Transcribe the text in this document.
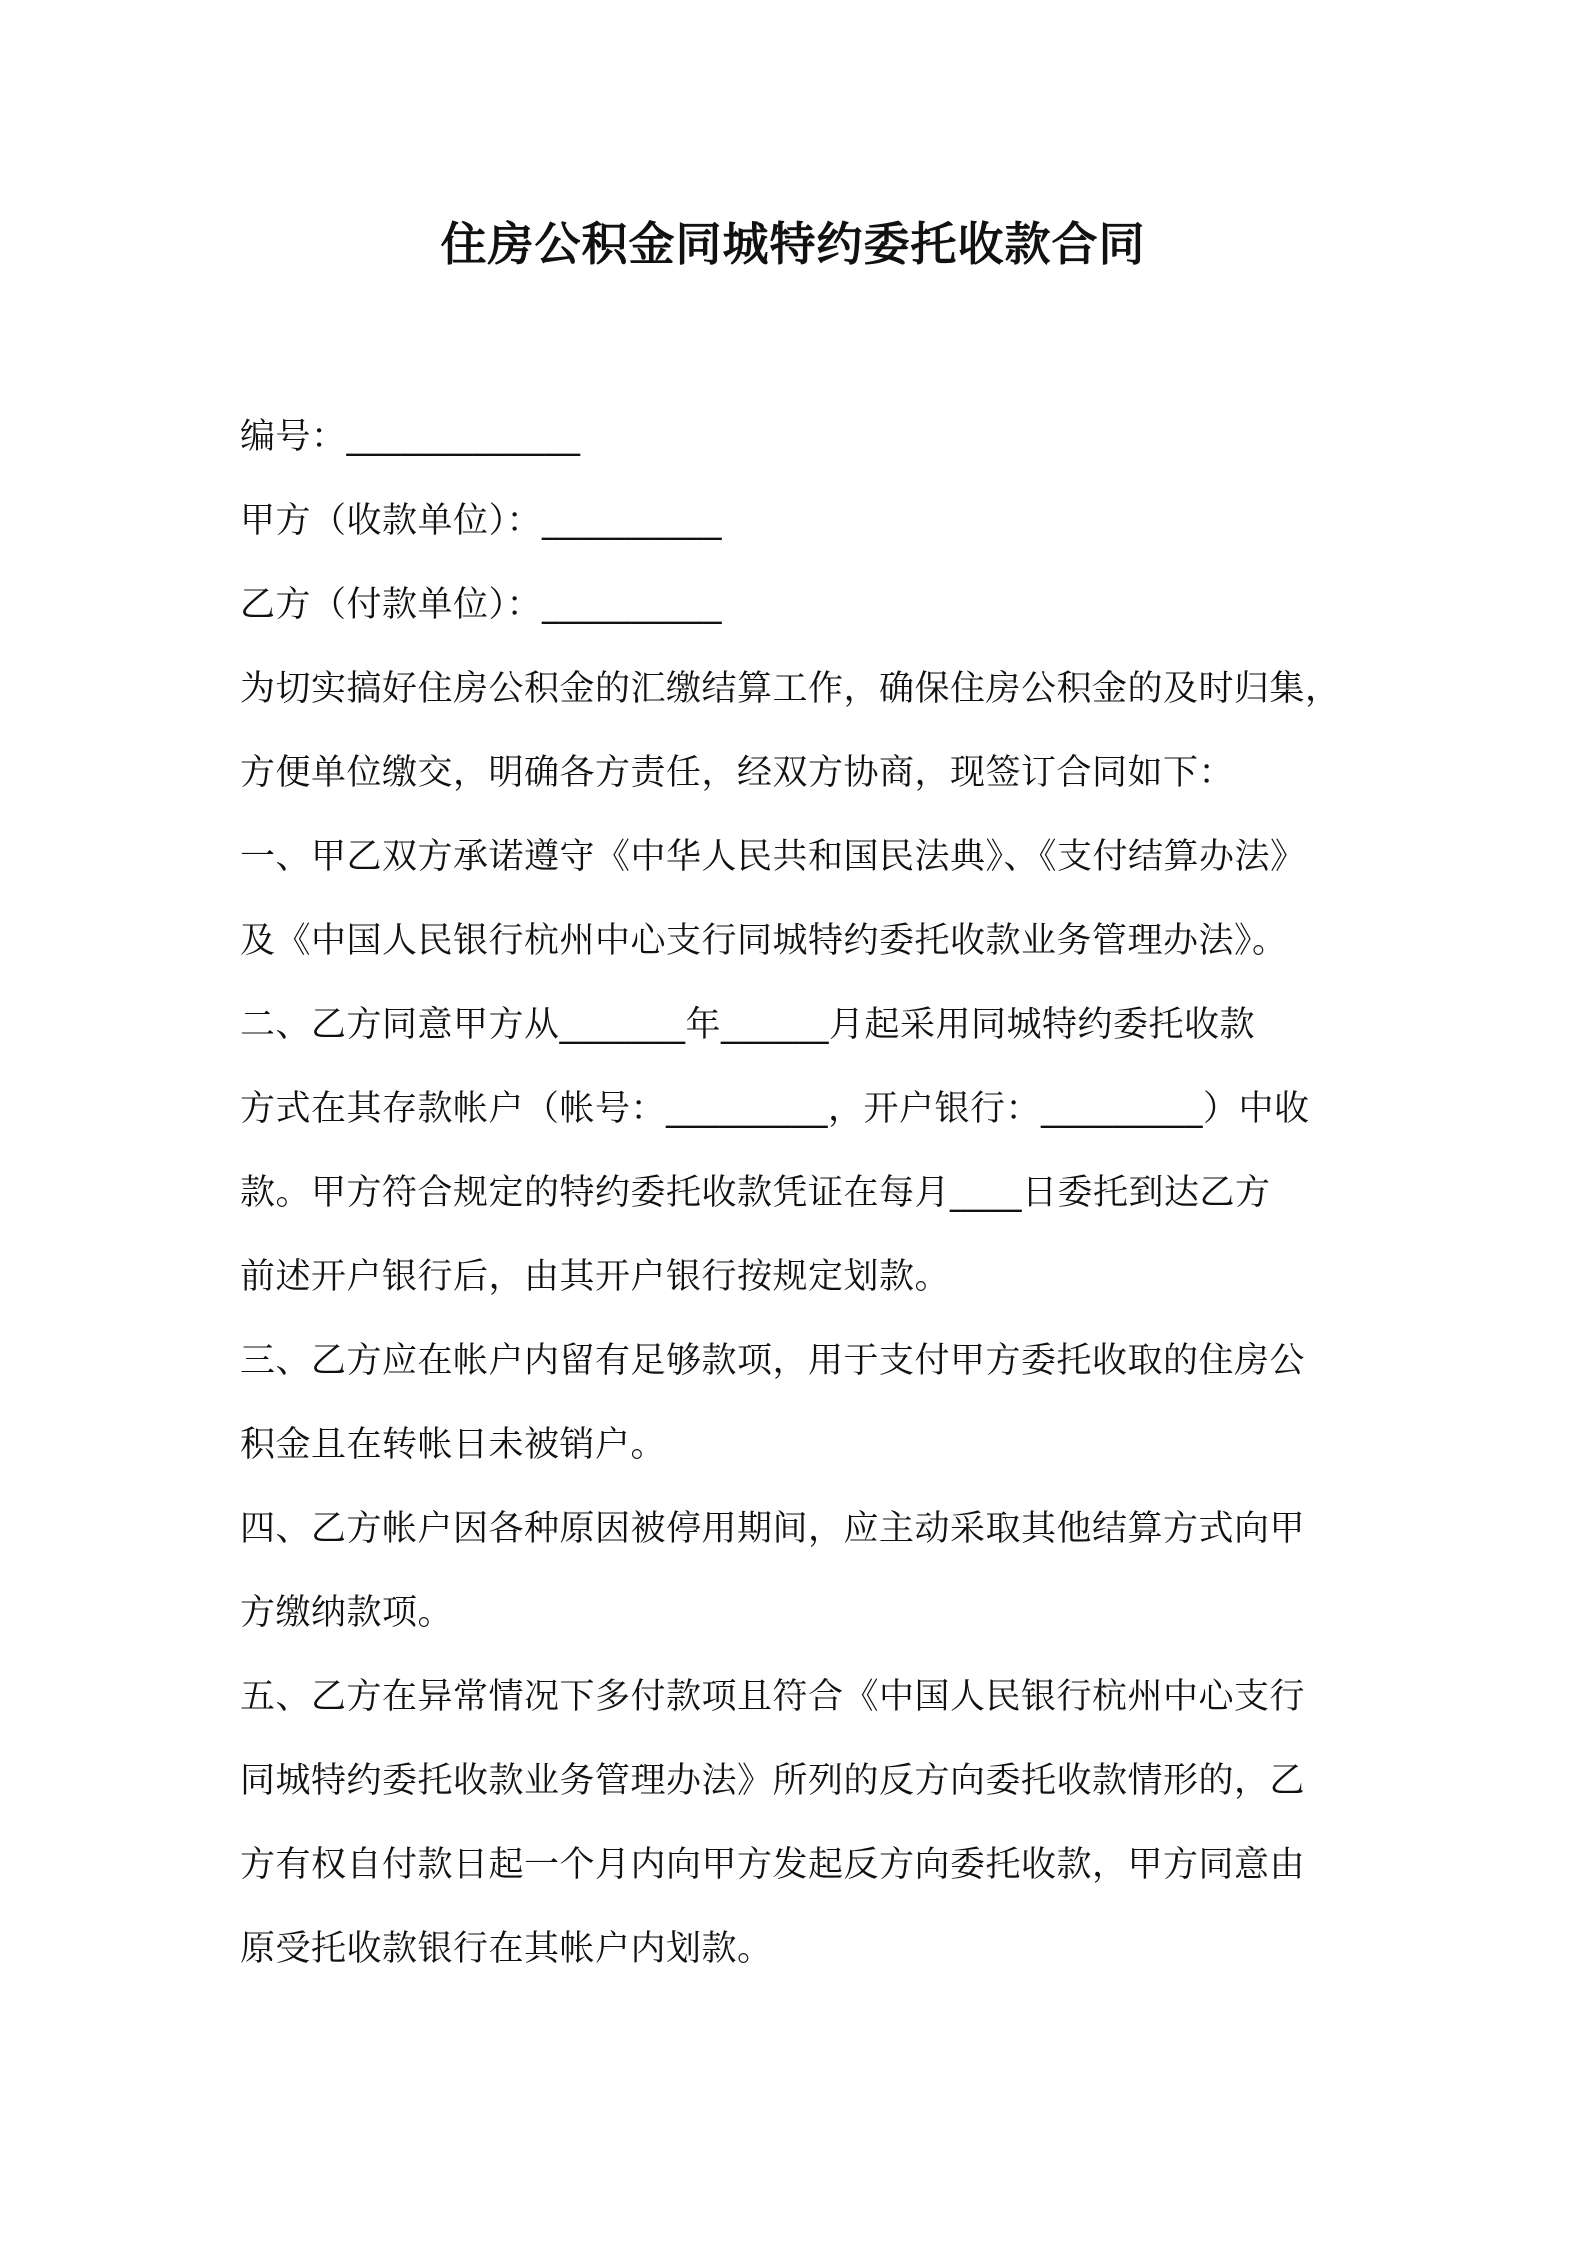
住房公积金同城特约委托收款合同
编号：_____________
甲方（收款单位）：__________
乙方（付款单位）：__________
为切实搞好住房公积金的汇缴结算工作，确保住房公积金的及时归集，
方便单位缴交，明确各方责任，经双方协商，现签订合同如下：
一、甲乙双方承诺遵守《中华人民共和国民法典》、《支付结算办法》
及《中国人民银行杭州中心支行同城特约委托收款业务管理办法》。
二、乙方同意甲方从_______年______月起采用同城特约委托收款
方式在其存款帐户（帐号：_________，开户银行：_________）中收
款。甲方符合规定的特约委托收款凭证在每月____日委托到达乙方
前述开户银行后，由其开户银行按规定划款。
三、乙方应在帐户内留有足够款项，用于支付甲方委托收取的住房公
积金且在转帐日未被销户。
四、乙方帐户因各种原因被停用期间，应主动采取其他结算方式向甲
方缴纳款项。
五、乙方在异常情况下多付款项且符合《中国人民银行杭州中心支行
同城特约委托收款业务管理办法》所列的反方向委托收款情形的，乙
方有权自付款日起一个月内向甲方发起反方向委托收款，甲方同意由
原受托收款银行在其帐户内划款。
